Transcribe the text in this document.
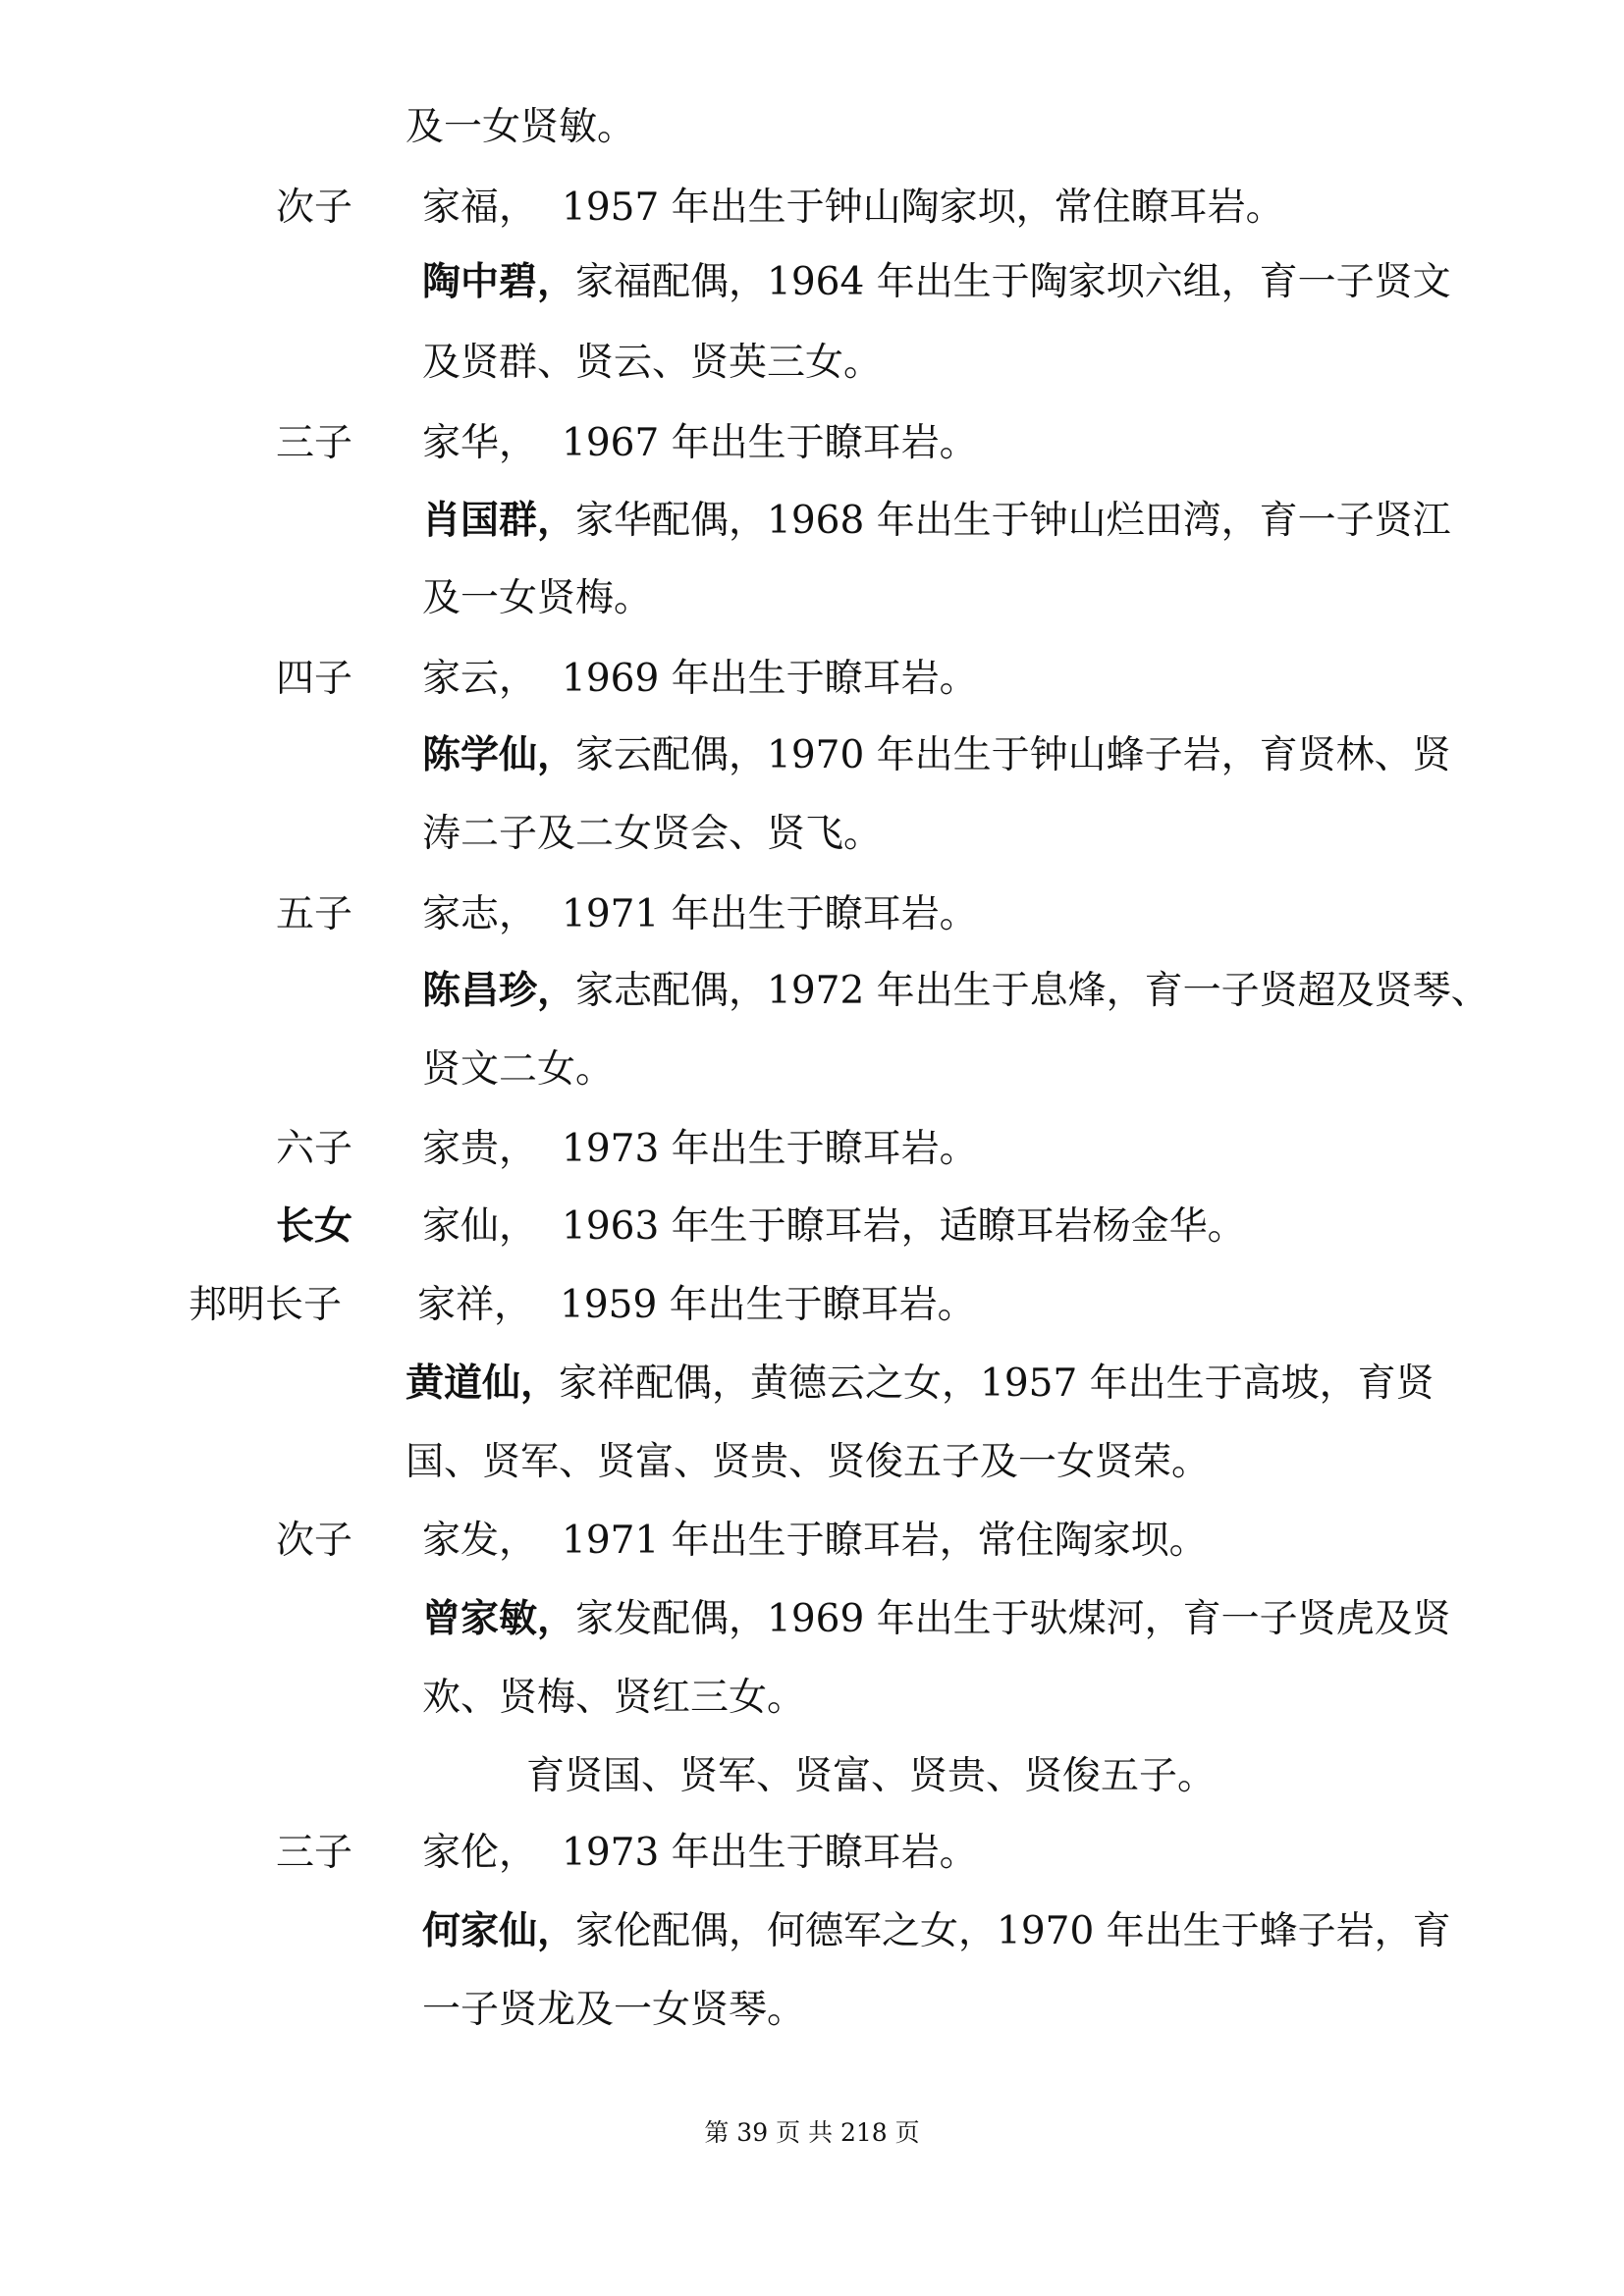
及一女贤敏。
次子 家福， 1957 年出生于钟山陶家坝，常住瞭耳岩。
陶中碧，家福配偶，1964 年出生于陶家坝六组，育一子贤文
及贤群、贤云、贤英三女。
三子 家华， 1967 年出生于瞭耳岩。
肖国群，家华配偶，1968 年出生于钟山烂田湾，育一子贤江
及一女贤梅。
四子 家云， 1969 年出生于瞭耳岩。
陈学仙，家云配偶，1970 年出生于钟山蜂子岩，育贤林、贤
涛二子及二女贤会、贤飞。
五子 家志， 1971 年出生于瞭耳岩。
陈昌珍，家志配偶，1972 年出生于息烽，育一子贤超及贤琴、
贤文二女。
六子 家贵， 1973 年出生于瞭耳岩。
长女 家仙， 1963 年生于瞭耳岩，适瞭耳岩杨金华。
邦明长子 家祥， 1959 年出生于瞭耳岩。
黄道仙，家祥配偶，黄德云之女，1957 年出生于高坡，育贤
国、贤军、贤富、贤贵、贤俊五子及一女贤荣。
次子 家发， 1971 年出生于瞭耳岩，常住陶家坝。
曾家敏，家发配偶，1969 年出生于驮煤河，育一子贤虎及贤
欢、贤梅、贤红三女。
育贤国、贤军、贤富、贤贵、贤俊五子。
三子 家伦， 1973 年出生于瞭耳岩。
何家仙，家伦配偶，何德军之女，1970 年出生于蜂子岩，育
一子贤龙及一女贤琴。
第 39 页 共 218 页
